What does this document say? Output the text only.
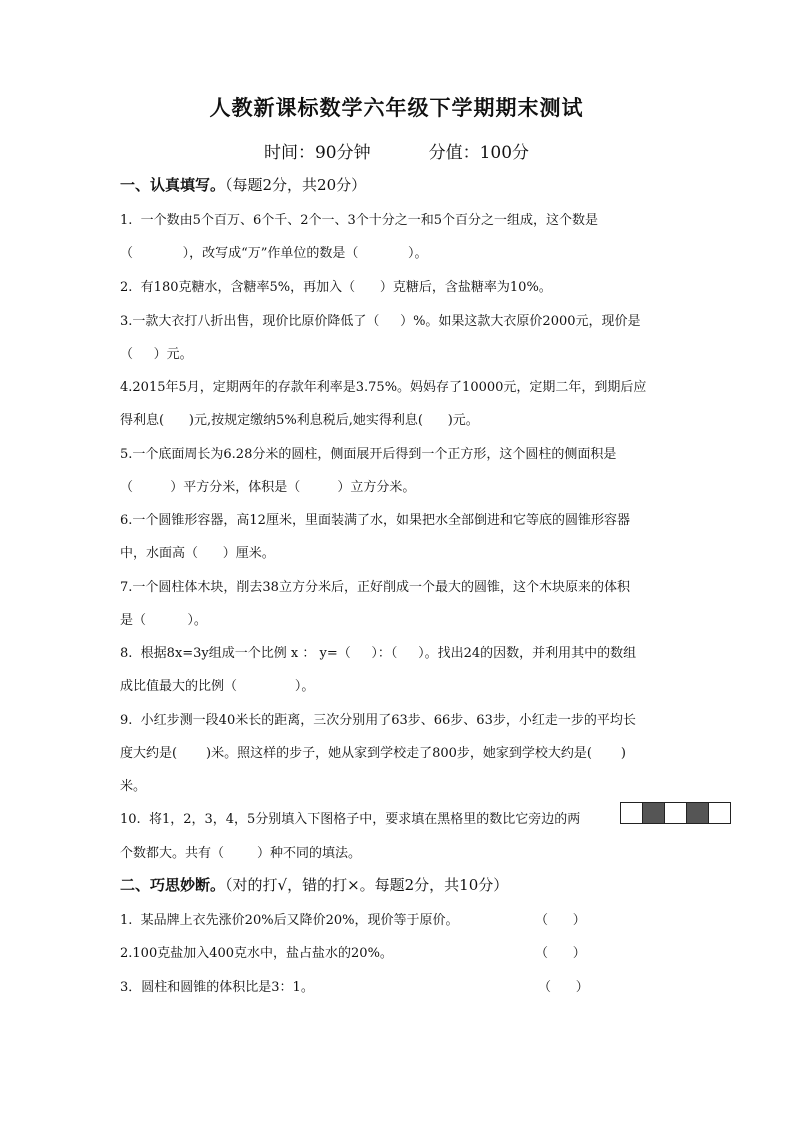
人教新课标数学六年级下学期期末测试
时间：90分钟	分值：100分
一、认真填写。（每题2分，共20分）
1.  一个数由5个百万、6个千、2个一、3个十分之一和5个百分之一组成，这个数是
（            ），改写成“万”作单位的数是（            ）。
2.  有180克糖水，含糖率5%，再加入（      ）克糖后，含盐糖率为10%。
3.一款大衣打八折出售，现价比原价降低了（     ）%。如果这款大衣原价2000元，现价是
（     ）元。
4.2015年5月，定期两年的存款年利率是3.75%。妈妈存了10000元，定期二年，到期后应
得利息(      )元,按规定缴纳5%利息税后,她实得利息(      )元。
5.一个底面周长为6.28分米的圆柱，侧面展开后得到一个正方形，这个圆柱的侧面积是
（         ）平方分米，体积是（         ）立方分米。
6.一个圆锥形容器，高12厘米，里面装满了水，如果把水全部倒进和它等底的圆锥形容器
中，水面高（      ）厘米。
7.一个圆柱体木块，削去38立方分米后，正好削成一个最大的圆锥，这个木块原来的体积
是（          ）。
8.  根据8x=3y组成一个比例 x ： y=（     ）：（     ）。找出24的因数，并利用其中的数组
成比值最大的比例（              ）。
9.  小红步测一段40米长的距离，三次分别用了63步、66步、63步，小红走一步的平均长
度大约是(       )米。照这样的步子，她从家到学校走了800步，她家到学校大约是(       )
米。
10.  将1，2，3，4，5分别填入下图格子中，要求填在黑格里的数比它旁边的两
个数都大。共有（        ）种不同的填法。
二、巧思妙断。（对的打√，错的打×。每题2分，共10分）
1.  某品牌上衣先涨价20%后又降价20%，现价等于原价。	（      ）
2.100克盐加入400克水中，盐占盐水的20%。	（      ）
3．圆柱和圆锥的体积比是3：1。	（      ）
